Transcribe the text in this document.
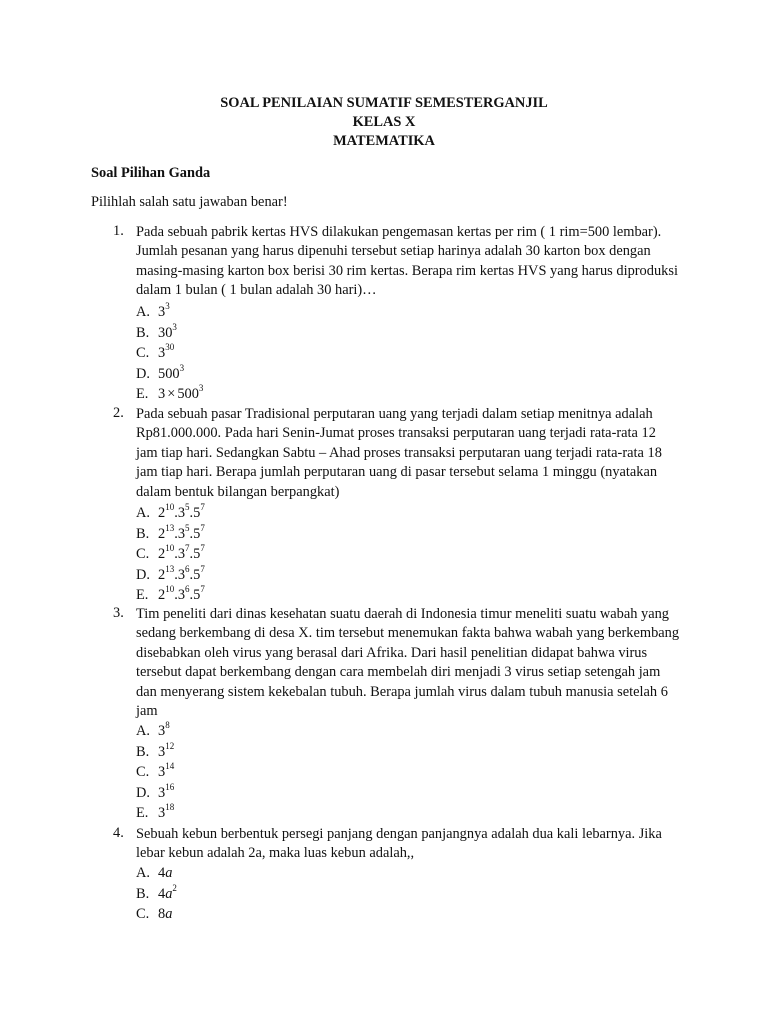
SOAL PENILAIAN SUMATIF SEMESTERGANJIL
KELAS X
MATEMATIKA
Soal Pilihan Ganda
Pilihlah salah satu jawaban benar!
1. Pada sebuah pabrik kertas HVS dilakukan pengemasan kertas per rim ( 1 rim=500 lembar). Jumlah pesanan yang harus dipenuhi tersebut setiap harinya adalah 30 karton box dengan masing-masing karton box berisi 30 rim kertas. Berapa rim kertas HVS yang harus diproduksi dalam 1 bulan ( 1 bulan adalah 30 hari)…
A. $3^3$
B. $30^3$
C. $3^{30}$
D. $500^3$
E. $3 \times 500^3$
2. Pada sebuah pasar Tradisional perputaran uang yang terjadi dalam setiap menitnya adalah Rp81.000.000. Pada hari Senin-Jumat proses transaksi perputaran uang terjadi rata-rata 12 jam tiap hari. Sedangkan Sabtu – Ahad proses transaksi perputaran uang terjadi rata-rata 18 jam tiap hari. Berapa jumlah perputaran uang di pasar tersebut selama 1 minggu (nyatakan dalam bentuk bilangan berpangkat)
A. $2^{10}.3^5.5^7$
B. $2^{13}.3^5.5^7$
C. $2^{10}.3^7.5^7$
D. $2^{13}.3^6.5^7$
E. $2^{10}.3^6.5^7$
3. Tim peneliti dari dinas kesehatan suatu daerah di Indonesia timur meneliti suatu wabah yang sedang berkembang di desa X. tim tersebut menemukan fakta bahwa wabah yang berkembang disebabkan oleh virus yang berasal dari Afrika. Dari hasil penelitian didapat bahwa virus tersebut dapat berkembang dengan cara membelah diri menjadi 3 virus setiap setengah jam dan menyerang sistem kekebalan tubuh. Berapa jumlah virus dalam tubuh manusia setelah 6 jam
A. $3^8$
B. $3^{12}$
C. $3^{14}$
D. $3^{16}$
E. $3^{18}$
4. Sebuah kebun berbentuk persegi panjang dengan panjangnya adalah dua kali lebarnya. Jika lebar kebun adalah 2a, maka luas kebun adalah,,
A. 4a
B. $4a^2$
C. 8a
